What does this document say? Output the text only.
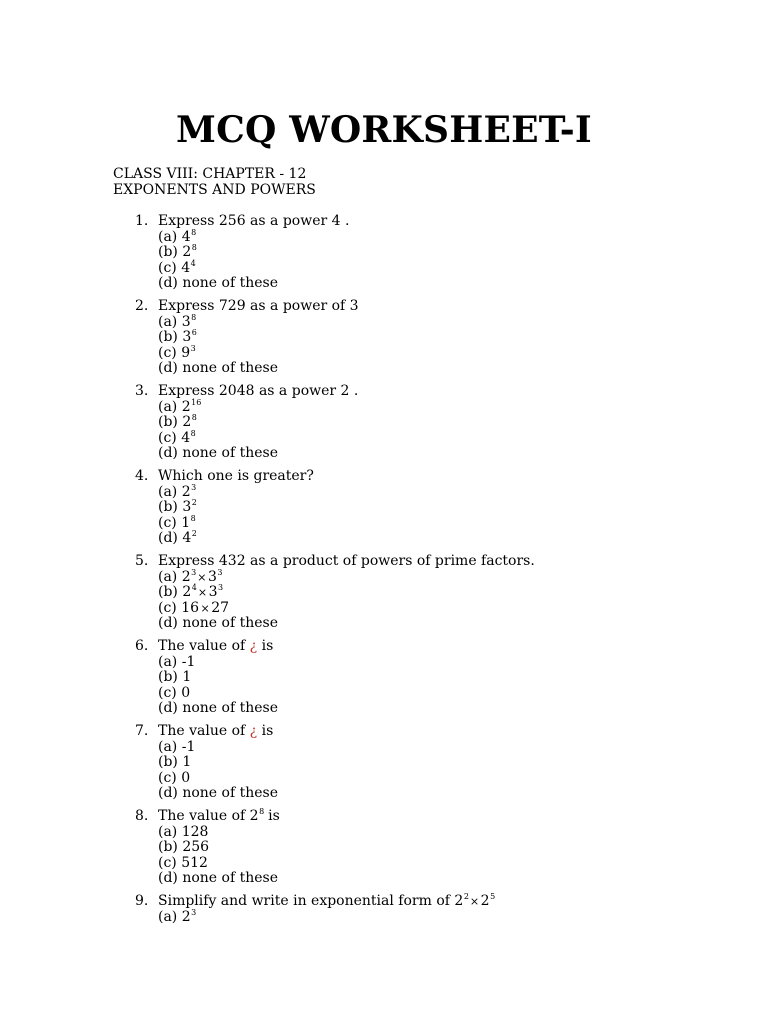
MCQ WORKSHEET-I
CLASS VIII: CHAPTER - 12
EXPONENTS AND POWERS
1. Express 256 as a power 4 .
(a) $4^8$
(b) $2^8$
(c) $4^4$
(d) none of these
2. Express 729 as a power of 3
(a) $3^8$
(b) $3^6$
(c) $9^3$
(d) none of these
3. Express 2048 as a power 2 .
(a) $2^{16}$
(b) $2^8$
(c) $4^8$
(d) none of these
4. Which one is greater?
(a) $2^3$
(b) $3^2$
(c) $1^8$
(d) $4^2$
5. Express 432 as a product of powers of prime factors.
(a) $2^3\times 3^3$
(b) $2^4\times 3^3$
(c) 16 × 27
(d) none of these
6. The value of ¿ is
(a) -1
(b) 1
(c) 0
(d) none of these
7. The value of ¿ is
(a) -1
(b) 1
(c) 0
(d) none of these
8. The value of $2^8$ is
(a) 128
(b) 256
(c) 512
(d) none of these
9. Simplify and write in exponential form of $2^2\times 2^5$
(a) $2^3$
